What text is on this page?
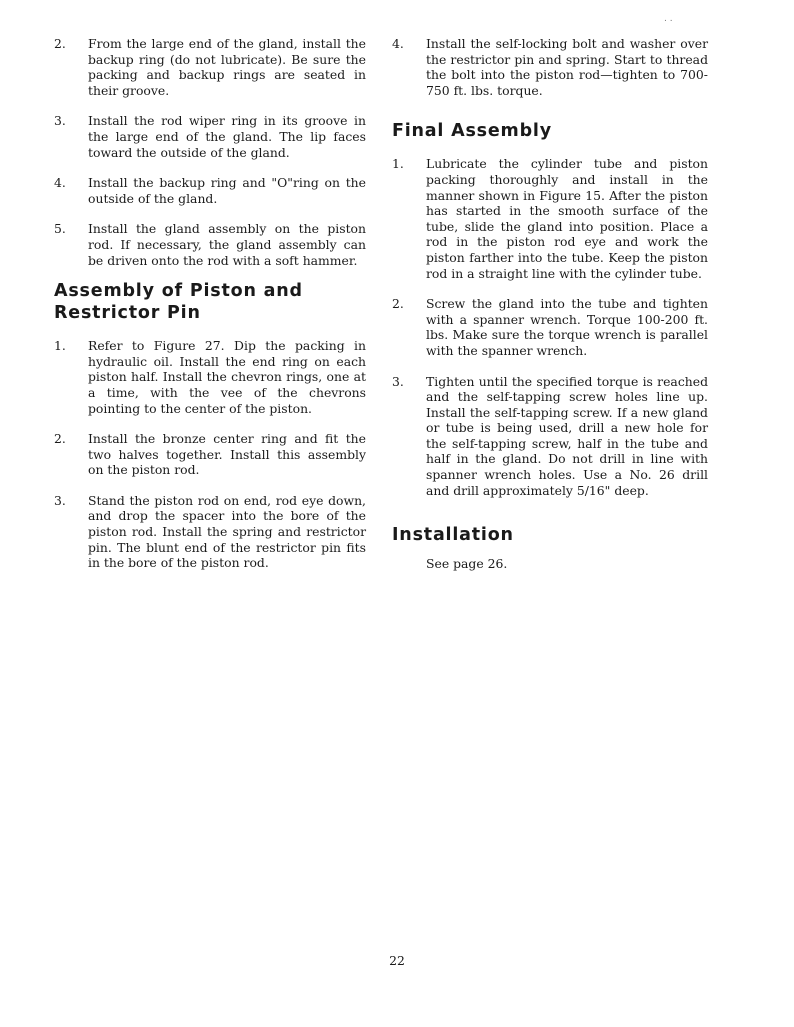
. .
2. From the large end of the gland, install the backup ring (do not lubricate). Be sure the packing and backup rings are seated in their groove.
3. Install the rod wiper ring in its groove in the large end of the gland. The lip faces toward the outside of the gland.
4. Install the backup ring and "O"ring on the outside of the gland.
5. Install the gland assembly on the piston rod. If necessary, the gland assembly can be driven onto the rod with a soft hammer.
Assembly of Piston and Restrictor Pin
1. Refer to Figure 27. Dip the packing in hydraulic oil. Install the end ring on each piston half. Install the chevron rings, one at a time, with the vee of the chevrons pointing to the center of the piston.
2. Install the bronze center ring and fit the two halves together. Install this assembly on the piston rod.
3. Stand the piston rod on end, rod eye down, and drop the spacer into the bore of the piston rod. Install the spring and restrictor pin. The blunt end of the restrictor pin fits in the bore of the piston rod.
4. Install the self-locking bolt and washer over the restrictor pin and spring. Start to thread the bolt into the piston rod—tighten to 700-750 ft. lbs. torque.
Final Assembly
1. Lubricate the cylinder tube and piston packing thoroughly and install in the manner shown in Figure 15. After the piston has started in the smooth surface of the tube, slide the gland into position. Place a rod in the piston rod eye and work the piston farther into the tube. Keep the piston rod in a straight line with the cylinder tube.
2. Screw the gland into the tube and tighten with a spanner wrench. Torque 100-200 ft. lbs. Make sure the torque wrench is parallel with the spanner wrench.
3. Tighten until the specified torque is reached and the self-tapping screw holes line up. Install the self-tapping screw. If a new gland or tube is being used, drill a new hole for the self-tapping screw, half in the tube and half in the gland. Do not drill in line with spanner wrench holes. Use a No. 26 drill and drill approximately 5/16" deep.
Installation
See page 26.
22
